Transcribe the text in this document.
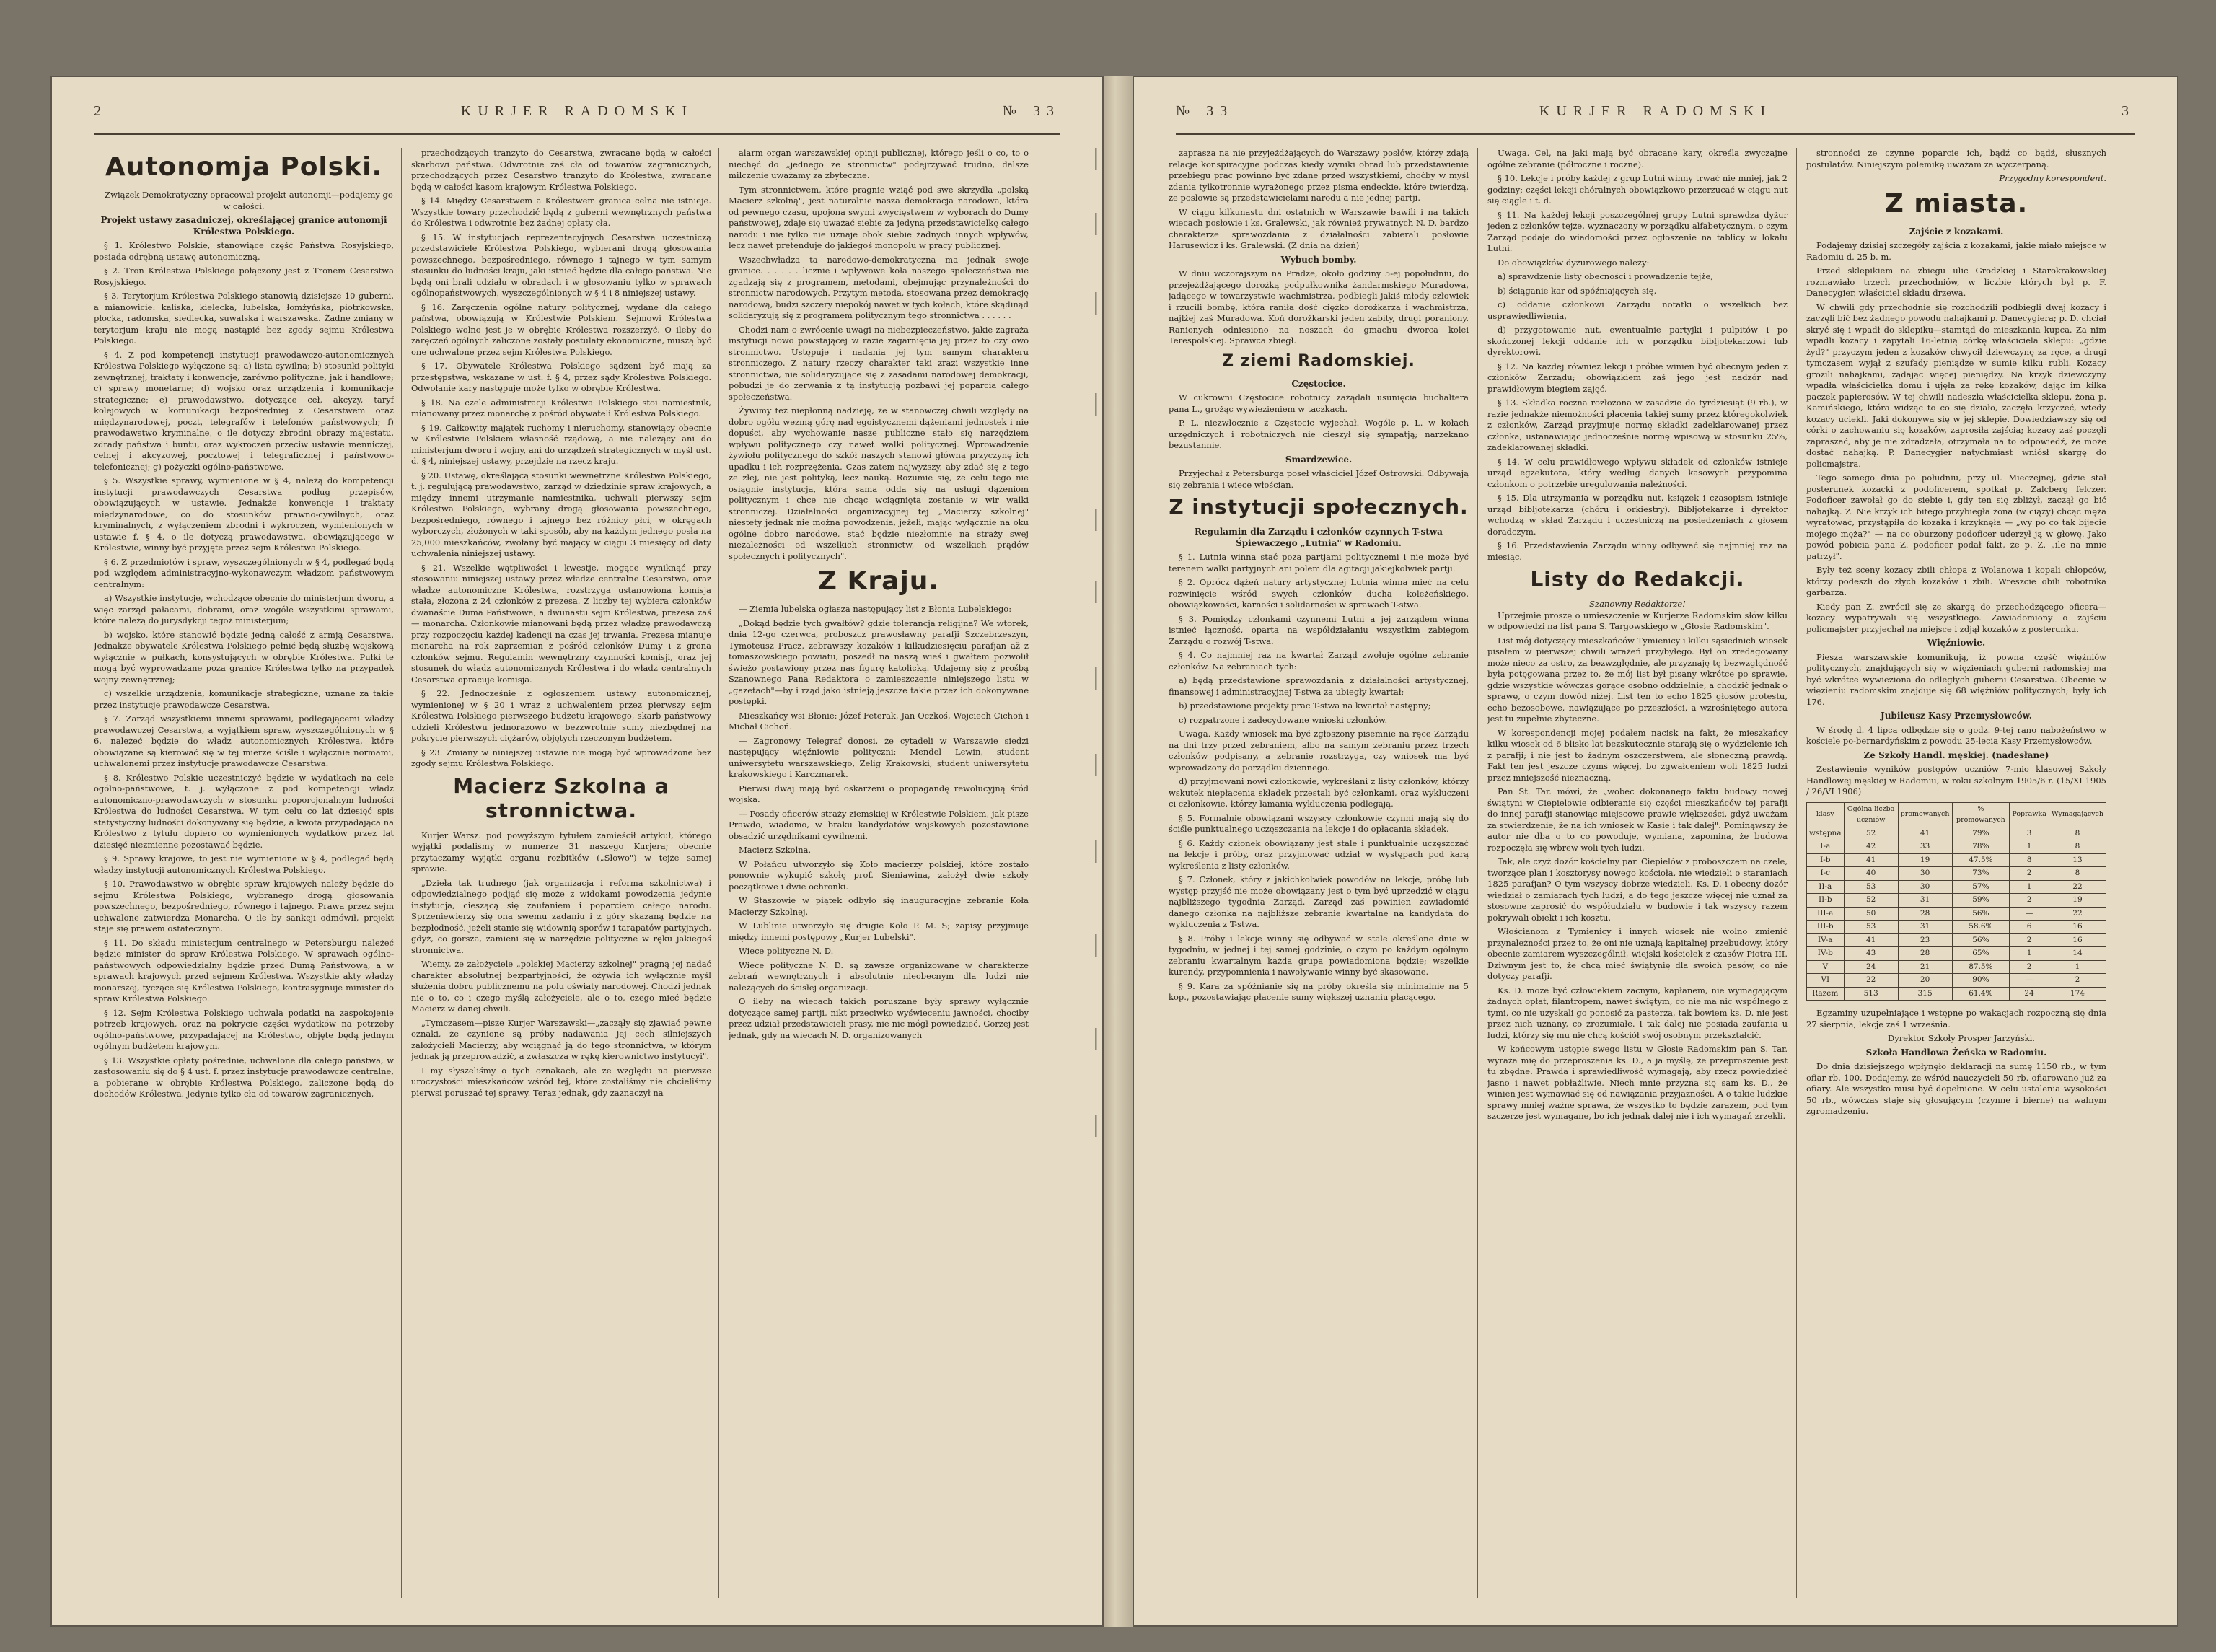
2	KURJER RADOMSKI	№ 33
Autonomja Polski.

Związek Demokratyczny opracował projekt autonomji—podajemy go w całości.

Projekt ustawy zasadniczej, określającej granice autonomji Królestwa Polskiego.

§ 1. Królestwo Polskie, stanowiące część Państwa Rosyjskiego, posiada odrębną ustawę autonomiczną.

§ 2. Tron Królestwa Polskiego połączony jest z Tronem Cesarstwa Rosyjskiego.

§ 3. Terytorjum Królestwa Polskiego stanowią dzisiejsze 10 guberni, a mianowicie: kaliska, kielecka, lubelska, łomżyńska, piotrkowska, płocka, radomska, siedlecka, suwalska i warszawska. Żadne zmiany w terytorjum kraju nie mogą nastąpić bez zgody sejmu Królestwa Polskiego.

§ 4. Z pod kompetencji instytucji prawodawczo-autonomicznych Królestwa Polskiego wyłączone są: a) lista cywilna; b) stosunki polityki zewnętrznej, traktaty i konwencje, zarówno polityczne, jak i handlowe; c) sprawy monetarne; d) wojsko oraz urządzenia i komunikacje strategiczne; e) prawodawstwo, dotyczące ceł, akcyzy, taryf kolejowych w komunikacji bezpośredniej z Cesarstwem oraz międzynarodowej, poczt, telegrafów i telefonów państwowych; f) prawodawstwo kryminalne, o ile dotyczy zbrodni obrazy majestatu, zdrady państwa i buntu, oraz wykroczeń przeciw ustawie menniczej, celnej i akcyzowej, pocztowej i telegraficznej i państwowo-telefonicznej; g) pożyczki ogólno-państwowe.

§ 5. Wszystkie sprawy, wymienione w § 4, należą do kompetencji instytucji prawodawczych Cesarstwa podług przepisów, obowiązujących w ustawie. Jednakże konwencje i traktaty międzynarodowe, co do stosunków prawno-cywilnych, oraz kryminalnych, z wyłączeniem zbrodni i wykroczeń, wymienionych w ustawie f. § 4, o ile dotyczą prawodawstwa, obowiązującego w Królestwie, winny być przyjęte przez sejm Królestwa Polskiego.

§ 6. Z przedmiotów i spraw, wyszczególnionych w § 4, podlegać będą pod względem administracyjno-wykonawczym władzom państwowym centralnym:

a) Wszystkie instytucje, wchodzące obecnie do ministerjum dworu, a więc zarząd pałacami, dobrami, oraz wogóle wszystkimi sprawami, które należą do jurysdykcji tegoż ministerjum;

b) wojsko, które stanowić będzie jedną całość z armją Cesarstwa. Jednakże obywatele Królestwa Polskiego pełnić będą służbę wojskową wyłącznie w pułkach, konsystujących w obrębie Królestwa. Pułki te mogą być wyprowadzane poza granice Królestwa tylko na przypadek wojny zewnętrznej;

c) wszelkie urządzenia, komunikacje strategiczne, uznane za takie przez instytucje prawodawcze Cesarstwa.

§ 7. Zarząd wszystkiemi innemi sprawami, podlegającemi władzy prawodawczej Cesarstwa, a wyjątkiem spraw, wyszczególnionych w § 6, należeć będzie do władz autonomicznych Królestwa, które obowiązane są kierować się w tej mierze ściśle i wyłącznie normami, uchwalonemi przez instytucje prawodawcze Cesarstwa.

§ 8. Królestwo Polskie uczestniczyć będzie w wydatkach na cele ogólno-państwowe, t. j. wyłączone z pod kompetencji władz autonomiczno-prawodawczych w stosunku proporcjonalnym ludności Królestwa do ludności Cesarstwa. W tym celu co lat dziesięć spis statystyczny ludności dokonywany się będzie, a kwota przypadająca na Królestwo z tytułu dopiero co wymienionych wydatków przez lat dziesięć niezmienne pozostawać będzie.

§ 9. Sprawy krajowe, to jest nie wymienione w § 4, podlegać będą władzy instytucji autonomicznych Królestwa Polskiego.

§ 10. Prawodawstwo w obrębie spraw krajowych należy będzie do sejmu Królestwa Polskiego, wybranego drogą głosowania powszechnego, bezpośredniego, równego i tajnego. Prawa przez sejm uchwalone zatwierdza Monarcha. O ile by sankcji odmówił, projekt staje się prawem ostatecznym.

§ 11. Do składu ministerjum centralnego w Petersburgu należeć będzie minister do spraw Królestwa Polskiego. W sprawach ogólno-państwowych odpowiedzialny będzie przed Dumą Państwową, a w sprawach krajowych przed sejmem Królestwa. Wszystkie akty władzy monarszej, tyczące się Królestwa Polskiego, kontrasygnuje minister do spraw Królestwa Polskiego.

§ 12. Sejm Królestwa Polskiego uchwala podatki na zaspokojenie potrzeb krajowych, oraz na pokrycie części wydatków na potrzeby ogólno-państwowe, przypadającej na Królestwo, objęte będą jednym ogólnym budżetem krajowym.

§ 13. Wszystkie opłaty pośrednie, uchwalone dla całego państwa, w zastosowaniu się do § 4 ust. f. przez instytucje prawodawcze centralne, a pobierane w obrębie Królestwa Polskiego, zaliczone będą do dochodów Królestwa. Jedynie tylko cła od towarów zagranicznych,

przechodzących tranzyto do Cesarstwa, zwracane będą w całości skarbowi państwa. Odwrotnie zaś cła od towarów zagranicznych, przechodzących przez Cesarstwo tranzyto do Królestwa, zwracane będą w całości kasom krajowym Królestwa Polskiego.

§ 14. Między Cesarstwem a Królestwem granica celna nie istnieje. Wszystkie towary przechodzić będą z guberni wewnętrznych państwa do Królestwa i odwrotnie bez żadnej opłaty cła.

§ 15. W instytucjach reprezentacyjnych Cesarstwa uczestniczą przedstawiciele Królestwa Polskiego, wybierani drogą głosowania powszechnego, bezpośredniego, równego i tajnego w tym samym stosunku do ludności kraju, jaki istnieć będzie dla całego państwa. Nie będą oni brali udziału w obradach i w głosowaniu tylko w sprawach ogólnopaństwowych, wyszczególnionych w § 4 i 8 niniejszej ustawy.

§ 16. Zaręczenia ogólne natury politycznej, wydane dla całego państwa, obowiązują w Królestwie Polskiem. Sejmowi Królestwa Polskiego wolno jest je w obrębie Królestwa rozszerzyć. O ileby do zaręczeń ogólnych zaliczone zostały postulaty ekonomiczne, muszą być one uchwalone przez sejm Królestwa Polskiego.

§ 17. Obywatele Królestwa Polskiego sądzeni być mają za przestępstwa, wskazane w ust. f. § 4, przez sądy Królestwa Polskiego. Odwołanie kary następuje może tylko w obrębie Królestwa.

§ 18. Na czele administracji Królestwa Polskiego stoi namiestnik, mianowany przez monarchę z pośród obywateli Królestwa Polskiego.

§ 19. Całkowity majątek ruchomy i nieruchomy, stanowiący obecnie w Królestwie Polskiem własność rządową, a nie należący ani do ministerjum dworu i wojny, ani do urządzeń strategicznych w myśl ust. d. § 4, niniejszej ustawy, przejdzie na rzecz kraju.

§ 20. Ustawę, określającą stosunki wewnętrzne Królestwa Polskiego, t. j. regulującą prawodawstwo, zarząd w dziedzinie spraw krajowych, a między innemi utrzymanie namiestnika, uchwali pierwszy sejm Królestwa Polskiego, wybrany drogą głosowania powszechnego, bezpośredniego, równego i tajnego bez różnicy płci, w okręgach wyborczych, złożonych w taki sposób, aby na każdym jednego posła na 25,000 mieszkańców, zwołany być mający w ciągu 3 miesięcy od daty uchwalenia niniejszej ustawy.

§ 21. Wszelkie wątpliwości i kwestje, mogące wyniknąć przy stosowaniu niniejszej ustawy przez władze centralne Cesarstwa, oraz władze autonomiczne Królestwa, rozstrzyga ustanowiona komisja stała, złożona z 24 członków z prezesa. Z liczby tej wybiera członków dwanaście Duma Państwowa, a dwunastu sejm Królestwa, prezesa zaś — monarcha. Członkowie mianowani będą przez władzę prawodawczą przy rozpoczęciu każdej kadencji na czas jej trwania. Prezesa mianuje monarcha na rok zaprzemian z pośród członków Dumy i z grona członków sejmu. Regulamin wewnętrzny czynności komisji, oraz jej stosunek do władz autonomicznych Królestwa i do władz centralnych Cesarstwa opracuje komisja.

§ 22. Jednocześnie z ogłoszeniem ustawy autonomicznej, wymienionej w § 20 i wraz z uchwaleniem przez pierwszy sejm Królestwa Polskiego pierwszego budżetu krajowego, skarb państwowy udzieli Królestwu jednorazowo w bezzwrotnie sumy niezbędnej na pokrycie pierwszych ciężarów, objętych rzeczonym budżetem.

§ 23. Zmiany w niniejszej ustawie nie mogą być wprowadzone bez zgody sejmu Królestwa Polskiego.

Macierz Szkolna a stronnictwa.

Kurjer Warsz. pod powyższym tytułem zamieścił artykuł, którego wyjątki podaliśmy w numerze 31 naszego Kurjera; obecnie przytaczamy wyjątki organu rozbitków („Słowo") w tejże samej sprawie.

„Dzieła tak trudnego (jak organizacja i reforma szkolnictwa) i odpowiedzialnego podjąć się może z widokami powodzenia jedynie instytucja, cieszącą się zaufaniem i poparciem całego narodu. Sprzeniewierzy się ona swemu zadaniu i z góry skazaną będzie na bezpłodność, jeżeli stanie się widownią sporów i tarapatów partyjnych, gdyż, co gorsza, zamieni się w narzędzie polityczne w ręku jakiegoś stronnictwa.

Wiemy, że założyciele „polskiej Macierzy szkolnej" pragną jej nadać charakter absolutnej bezpartyjności, że ożywia ich wyłącznie myśl służenia dobru publicznemu na polu oświaty narodowej. Chodzi jednak nie o to, co i czego myślą założyciele, ale o to, czego mieć będzie Macierz w danej chwili.

„Tymczasem—pisze Kurjer Warszawski—„zacząły się zjawiać pewne oznaki, że czynione są próby nadawania jej cech silniejszych założycieli Macierzy, aby wciągnąć ją do tego stronnictwa, w którym jednak ją przeprowadzić, a zwłaszcza w rękę kierownictwo instytucyi".

I my słyszeliśmy o tych oznakach, ale ze względu na pierwsze uroczystości mieszkańców wśród tej, które zostaliśmy nie chcieliśmy pierwsi poruszać tej sprawy. Teraz jednak, gdy zaznaczył na

alarm organ warszawskiej opinji publicznej, którego jeśli o co, to o niechęć do „jednego ze stronnictw" podejrzywać trudno, dalsze milczenie uważamy za zbyteczne.

Tym stronnictwem, które pragnie wziąć pod swe skrzydła „polską Macierz szkolną", jest naturalnie nasza demokracja narodowa, która od pewnego czasu, upojona swymi zwycięstwem w wyborach do Dumy państwowej, zdaje się uważać siebie za jedyną przedstawicielkę całego narodu i nie tylko nie uznaje obok siebie żadnych innych wpływów, lecz nawet pretenduje do jakiegoś monopolu w pracy publicznej.

Wszechwładza ta narodowo-demokratyczna ma jednak swoje granice. . . . . . licznie i wpływowe koła naszego społeczeństwa nie zgadzają się z programem, metodami, obejmując przynależności do stronnictw narodowych. Przytym metoda, stosowana przez demokrację narodową, budzi szczery niepokój nawet w tych kołach, które skądinąd solidaryzują się z programem politycznym tego stronnictwa . . . . . .

Chodzi nam o zwrócenie uwagi na niebezpieczeństwo, jakie zagraża instytucji nowo powstającej w razie zagarnięcia jej przez to czy owo stronnictwo. Ustępuje i nadania jej tym samym charakteru stronniczego. Z natury rzeczy charakter taki zrazi wszystkie inne stronnictwa, nie solidaryzujące się z zasadami narodowej demokracji, pobudzi je do zerwania z tą instytucją pozbawi jej poparcia całego społeczeństwa.

Żywimy też niepłonną nadzieję, że w stanowczej chwili względy na dobro ogółu wezmą górę nad egoistycznemi dążeniami jednostek i nie dopuści, aby wychowanie nasze publiczne stało się narzędziem wpływu politycznego czy nawet walki politycznej. Wprowadzenie żywiołu politycznego do szkół naszych stanowi główną przyczynę ich upadku i ich rozprzężenia. Czas zatem najwyższy, aby zdać się z tego ze złej, nie jest polityką, lecz nauką. Rozumie się, że celu tego nie osiągnie instytucja, która sama odda się na usługi dążeniom politycznym i chce nie chcąc wciągnięta zostanie w wir walki stronniczej. Działalności organizacyjnej tej „Macierzy szkolnej" niestety jednak nie można powodzenia, jeżeli, mając wyłącznie na oku ogólne dobro narodowe, stać będzie niezłomnie na straży swej niezależności od wszelkich stronnictw, od wszelkich prądów społecznych i politycznych".

Z Kraju.

— Ziemia lubelska ogłasza następujący list z Błonia Lubelskiego:

„Dokąd będzie tych gwałtów? gdzie tolerancja religijna? We wtorek, dnia 12-go czerwca, proboszcz prawosławny parafji Szczebrzeszyn, Tymoteusz Pracz, zebrawszy kozaków i kilkudziesięciu parafjan až z tomaszowskiego powiatu, poszedł na naszą wieś i gwałtem pozwolił świeżo postawiony przez nas figurę katolicką. Udajemy się z prośbą Szanownego Pana Redaktora o zamieszczenie niniejszego listu w „gazetach"—by i rząd jako istnieją jeszcze takie przez ich dokonywane postępki.

Mieszkańcy wsi Błonie: Józef Feterak, Jan Oczkoś, Wojciech Cichoń i Michał Cichoń.

— Zagronowy Telegraf donosi, że cytadeli w Warszawie siedzi następujący więźniowie polityczni: Mendel Lewin, student uniwersytetu warszawskiego, Zelig Krakowski, student uniwersytetu krakowskiego i Karczmarek.

Pierwsi dwaj mają być oskarżeni o propagandę rewolucyjną śród wojska.

— Posady oficerów straży ziemskiej w Królestwie Polskiem, jak pisze Prawdo, wiadomo, w braku kandydatów wojskowych pozostawione obsadzić urzędnikami cywilnemi.

Macierz Szkolna.

W Połańcu utworzyło się Koło macierzy polskiej, które zostało ponownie wykupić szkołę prof. Sieniawina, założył dwie szkoły początkowe i dwie ochronki.

W Staszowie w piątek odbyło się inauguracyjne zebranie Koła Macierzy Szkolnej.

W Lublinie utworzyło się drugie Koło P. M. S; zapisy przyjmuje między innemi postępowy „Kurjer Lubelski".

Wiece polityczne N. D.

Wiece polityczne N. D. są zawsze organizowane w charakterze zebrań wewnętrznych i absolutnie nieobecnym dla ludzi nie należących do ścisłej organizacji.

O ileby na wiecach takich poruszane były sprawy wyłącznie dotyczące samej partji, nikt przeciwko wyświeceniu jawności, chociby przez udział przedstawicieli prasy, nie nic mógł powiedzieć. Gorzej jest jednak, gdy na wiecach N. D. organizowanych

№ 33	KURJER RADOMSKI	3

zaprasza na nie przyjeżdżających do Warszawy posłów, którzy zdają relacje konspiracyjne podczas kiedy wyniki obrad lub przedstawienie przebiegu prac powinno być zdane przed wszystkiemi, choćby w myśl zdania tylkotronnie wyrażonego przez pisma endeckie, które twierdzą, że posłowie są przedstawicielami narodu a nie jednej partji.

W ciągu kilkunastu dni ostatnich w Warszawie bawili i na takich wiecach posłowie i ks. Gralewski, jak również prywatnych N. D. bardzo charakterze sprawozdania z działalności zabierali posłowie Harusewicz i ks. Gralewski. (Z dnia na dzień)

Wybuch bomby.

W dniu wczorajszym na Pradze, około godziny 5-ej popołudniu, do przejeżdżającego dorożką podpułkownika żandarmskiego Muradowa, jadącego w towarzystwie wachmistrza, podbiegli jakiś młody człowiek i rzucili bombę, która raniła dość ciężko dorożkarza i wachmistrza, najlżej zaś Muradowa. Koń dorożkarski jeden zabity, drugi poraniony. Ranionych odniesiono na noszach do gmachu dworca kolei Terespolskiej. Sprawca zbiegł.

Z ziemi Radomskiej.
Częstocice.

W cukrowni Częstocice robotnicy zażądali usunięcia buchaltera pana L., grożąc wywiezieniem w taczkach.

P. L. niezwłocznie z Częstocic wyjechał. Wogóle p. L. w kołach urzędniczych i robotniczych nie cieszył się sympatją; narzekano bezustannie.

Smardzewice.

Przyjechał z Petersburga poseł właściciel Józef Ostrowski. Odbywają się zebrania i wiece włościan.

Z instytucji społecznych.
Regulamin dla Zarządu i członków czynnych T-stwa Śpiewaczego „Lutnia" w Radomiu.

§ 1. Lutnia winna stać poza partjami politycznemi i nie może być terenem walki partyjnych ani polem dla agitacji jakiejkolwiek partji.

§ 2. Oprócz dążeń natury artystycznej Lutnia winna mieć na celu rozwinięcie wśród swych członków ducha koleżeńskiego, obowiązkowości, karności i solidarności w sprawach T-stwa.

§ 3. Pomiędzy członkami czynnemi Lutni a jej zarządem winna istnieć łączność, oparta na współdziałaniu wszystkim zabiegom Zarządu o rozwój T-stwa.

§ 4. Co najmniej raz na kwartał Zarząd zwołuje ogólne zebranie członków. Na zebraniach tych:

a) będą przedstawione sprawozdania z działalności artystycznej, finansowej i administracyjnej T-stwa za ubiegły kwartał;

b) przedstawione projekty prac T-stwa na kwartał następny;

c) rozpatrzone i zadecydowane wnioski członków.

Uwaga. Każdy wniosek ma być zgłoszony pisemnie na ręce Zarządu na dni trzy przed zebraniem, albo na samym zebraniu przez trzech członków podpisany, a zebranie rozstrzyga, czy wniosek ma być wprowadzony do porządku dziennego.

d) przyjmowani nowi członkowie, wykreślani z listy członków, którzy wskutek niepłacenia składek przestali być członkami, oraz wykluczeni ci członkowie, którzy łamania wykluczenia podlegają.

§ 5. Formalnie obowiązani wszyscy członkowie czynni mają się do ściśle punktualnego uczęszczania na lekcje i do opłacania składek.

§ 6. Każdy członek obowiązany jest stale i punktualnie uczęszczać na lekcje i próby, oraz przyjmować udział w występach pod karą wykreślenia z listy członków.

§ 7. Członek, który z jakichkolwiek powodów na lekcje, próbę lub występ przyjść nie może obowiązany jest o tym być uprzedzić w ciągu najbliższego tygodnia Zarząd. Zarząd zaś powinien zawiadomić danego członka na najbliższe zebranie kwartalne na kandydata do wykluczenia z T-stwa.

§ 8. Próby i lekcje winny się odbywać w stale określone dnie w tygodniu, w jednej i tej samej godzinie, o czym po każdym ogólnym zebraniu kwartalnym każda grupa powiadomiona będzie; wszelkie kurendy, przypomnienia i nawoływanie winny być skasowane.

§ 9. Kara za spóźnianie się na próby określa się minimalnie na 5 kop., pozostawiając płacenie sumy większej uznaniu płacącego.

Uwaga. Cel, na jaki mają być obracane kary, określa zwyczajne ogólne zebranie (półroczne i roczne).

§ 10. Lekcje i próby każdej z grup Lutni winny trwać nie mniej, jak 2 godziny; części lekcji chóralnych obowiązkowo przerzucać w ciągu nut się ciągle i t. d.

§ 11. Na każdej lekcji poszczególnej grupy Lutni sprawdza dyżur jeden z członków tejże, wyznaczony w porządku alfabetycznym, o czym Zarząd podaje do wiadomości przez ogłoszenie na tablicy w lokalu Lutni.

Do obowiązków dyżurowego należy:

a) sprawdzenie listy obecności i prowadzenie tejże,

b) ściąganie kar od spóźniających się,

c) oddanie członkowi Zarządu notatki o wszelkich bez usprawiedliwienia,

d) przygotowanie nut, ewentualnie partyjki i pulpitów i po skończonej lekcji oddanie ich w porządku bibljotekarzowi lub dyrektorowi.

§ 12. Na każdej również lekcji i próbie winien być obecnym jeden z członków Zarządu; obowiązkiem zaś jego jest nadzór nad prawidłowym biegiem zajęć.

§ 13. Składka roczna rozłożona w zasadzie do tyrdziesiąt (9 rb.), w razie jednakże niemożności płacenia takiej sumy przez któregokolwiek z członków, Zarząd przyjmuje normę składki zadeklarowanej przez członka, ustanawiając jednocześnie normę wpisową w stosunku 25%, zadeklarowanej składki.

§ 14. W celu prawidłowego wpływu składek od członków istnieje urząd egzekutora, który według danych kasowych przypomina członkom o potrzebie uregulowania należności.

§ 15. Dla utrzymania w porządku nut, książek i czasopism istnieje urząd bibljotekarza (chóru i orkiestry). Bibljotekarze i dyrektor wchodzą w skład Zarządu i uczestniczą na posiedzeniach z głosem doradczym.

§ 16. Przedstawienia Zarządu winny odbywać się najmniej raz na miesiąc.

Listy do Redakcji.
Szanowny Redaktorze!

Uprzejmie proszę o umieszczenie w Kurjerze Radomskim słów kilku w odpowiedzi na list pana S. Targowskiego w „Głosie Radomskim".

List mój dotyczący mieszkańców Tymienicy i kilku sąsiednich wiosek pisałem w pierwszej chwili wrażeń przybyłego. Był on zredagowany może nieco za ostro, za bezwzględnie, ale przyznaję tę bezwzględność była potęgowana przez to, że mój list był pisany wkrótce po sprawie, gdzie wszystkie wówczas gorące osobno oddzielnie, a chodzić jednak o sprawę, o czym dowód niżej. List ten to echo 1825 głosów protestu, echo bezosobowe, nawiązujące po przeszłości, a wzrośniętego autora jest tu zupełnie zbyteczne.

W korespondencji mojej podałem nacisk na fakt, że mieszkańcy kilku wiosek od 6 blisko lat bezskutecznie starają się o wydzielenie ich z parafji; i nie jest to żadnym oszczerstwem, ale słoneczną prawdą. Fakt ten jest jeszcze czymś więcej, bo zgwałceniem woli 1825 ludzi przez mniejszość nieznaczną.

Pan St. Tar. mówi, że „wobec dokonanego faktu budowy nowej świątyni w Ciepielowie odbieranie się części mieszkańców tej parafji do innej parafji stanowiąc miejscowe prawie większości, gdyż uważam za stwierdzenie, że na ich wniosek w Kasie i tak dalej". Pominąwszy że autor nie dba o to co powoduje, wymiana, zapomina, że budowa rozpoczęła się wbrew woli tych ludzi.

Tak, ale czyż dozór kościelny par. Ciepielów z proboszczem na czele, tworzące plan i kosztorysy nowego kościoła, nie wiedzieli o staraniach 1825 parafjan? O tym wszyscy dobrze wiedzieli. Ks. D. i obecny dozór wiedział o zamiarach tych ludzi, a do tego jeszcze więcej nie uznał za stosowne zaprosić do współudziału w budowie i tak wszyscy razem pokrywali obiekt i ich kosztu.

Włościanom z Tymienicy i innych wiosek nie wolno zmienić przynależności przez to, że oni nie uznają kapitalnej przebudowy, który obecnie zamiarem wyszczególnił, wiejski kościołek z czasów Piotra III. Dziwnym jest to, że chcą mieć świątynię dla swoich pasów, co nie dotyczy parafji.

Ks. D. może być człowiekiem zacnym, kapłanem, nie wymagającym żadnych opłat, filantropem, nawet świętym, co nie ma nic wspólnego z tymi, co nie uzyskali go ponosić za pasterza, tak bowiem ks. D. nie jest przez nich uznany, co zrozumiałe. I tak dalej nie posiada zaufania u ludzi, którzy się mu nie chcą kościół swój osobnym przekształcić.

W końcowym ustępie swego listu w Głosie Radomskim pan S. Tar. wyraża mię do przeproszenia ks. D., a ja myślę, że przeproszenie jest tu zbędne. Prawda i sprawiedliwość wymagają, aby rzecz powiedzieć jasno i nawet pobłażliwie. Niech mnie przyzna się sam ks. D., że winien jest wymawiać się od nawiązania przyjazności. A o takie ludzkie sprawy mniej ważne sprawa, że wszystko to będzie zarazem, pod tym szczerze jest wymagane, bo ich jednak dalej nie i ich wymagań zrzekli.

stronności ze czynne poparcie ich, bądź co bądź, słusznych postulatów. Niniejszym polemikę uważam za wyczerpaną.

Przygodny korespondent.
Z miasta.
Zajście z kozakami.

Podajemy dzisiaj szczegóły zajścia z kozakami, jakie miało miejsce w Radomiu d. 25 b. m.

Przed sklepikiem na zbiegu ulic Grodzkiej i Starokrakowskiej rozmawiało trzech przechodniów, w liczbie których był p. F. Danecygier, właściciel składu drzewa.

W chwili gdy przechodnie się rozchodzili podbiegli dwaj kozacy i zaczęli bić bez żadnego powodu nahajkami p. Danecygiera; p. D. chciał skryć się i wpadł do sklepiku—stamtąd do mieszkania kupca. Za nim wpadli kozacy i zapytali 16-letnią córkę właściciela sklepu: „gdzie żyd?" przyczym jeden z kozaków chwycił dziewczynę za ręce, a drugi tymczasem wyjął z szufady pieniądze w sumie kilku rubli. Kozacy grozili nahajkami, żądając więcej pieniędzy. Na krzyk dziewczyny wpadła właścicielka domu i ujęła za rękę kozaków, dając im kilka paczek papierosów. W tej chwili nadeszła właścicielka sklepu, żona p. Kamińskiego, która widząc to co się działo, zaczęła krzyczeć, wtedy kozacy uciekli. Jaki dokonywa się w jej sklepie. Dowiedziawszy się od córki o zachowaniu się kozaków, zaprosiła zajścia; kozacy zaś poczęli zapraszać, aby je nie zdradzała, otrzymała na to odpowiedź, że może dostać nahajką. P. Danecygier natychmiast wniósł skargę do policmajstra.

Tego samego dnia po południu, przy ul. Mieczejnej, gdzie stał posterunek kozacki z podoficerem, spotkał p. Zalcberg felczer. Podoficer zawołał go do siebie i, gdy ten się zbliżył, zaczął go bić nahajką. Z. Nie krzyk ich bitego przybiegła żona (w ciąży) chcąc męża wyratować, przystąpiła do kozaka i krzyknęła — „wy po co tak bijecie mojego męża?" — na co oburzony podoficer uderzył ją w głowę. Jako powód pobicia pana Z. podoficer podał fakt, że p. Z. „ile na mnie patrzył".

Były też sceny kozacy zbili chłopa z Wolanowa i kopali chłopców, którzy podeszli do złych kozaków i zbili. Wreszcie obili robotnika garbarza.

Kiedy pan Z. zwrócił się ze skargą do przechodzącego oficera—kozacy wypatrywali się wszystkiego. Zawiadomiony o zajściu policmajster przyjechał na miejsce i zdjął kozaków z posterunku.

Więźniowie.

Piesza warszawskie komunikują, iż powna część więźniów politycznych, znajdujących się w więzieniach guberni radomskiej ma być wkrótce wywieziona do odległych guberni Cesarstwa. Obecnie w więzieniu radomskim znajduje się 68 więźniów politycznych; były ich 176.

Jubileusz Kasy Przemysłowców.

W środę d. 4 lipca odbędzie się o godz. 9-tej rano nabożeństwo w kościele po-bernardyńskim z powodu 25-lecia Kasy Przemysłowców.

Ze Szkoły Handl. męskiej. (nadesłane)

Zestawienie wyników postępów uczniów 7-mio klasowej Szkoły Handlowej męskiej w Radomiu, w roku szkolnym 1905/6 r. (15/XI 1905 / 26/VI 1906)

klasy	Ogólna liczba uczniów	promowanych	% promowanych	Poprawka	Wymagających
wstępna	52	41	79%	3	8
I-a	42	33	78%	1	8
I-b	41	19	47.5%	8	13
I-c	40	30	73%	2	8
II-a	53	30	57%	1	22
II-b	52	31	59%	2	19
III-a	50	28	56%	—	22
III-b	53	31	58.6%	6	16
IV-a	41	23	56%	2	16
IV-b	43	28	65%	1	14
V	24	21	87.5%	2	1
VI	22	20	90%	—	2
Razem	513	315	61.4%	24	174

Egzaminy uzupełniające i wstępne po wakacjach rozpoczną się dnia 27 sierpnia, lekcje zaś 1 września.

Dyrektor Szkoły Prosper Jarzyński.

Szkoła Handlowa Żeńska w Radomiu.

Do dnia dzisiejszego wpłynęło deklaracji na sumę 1150 rb., w tym ofiar rb. 100. Dodajemy, że wśród nauczycieli 50 rb. ofiarowano już za ofiary. Ale wszystko musi być dopełnione. W celu ustalenia wysokości 50 rb., wówczas staje się głosującym (czynne i bierne) na walnym zgromadzeniu.

|
|
|
|
|
|
|
|
|
|
|
|
